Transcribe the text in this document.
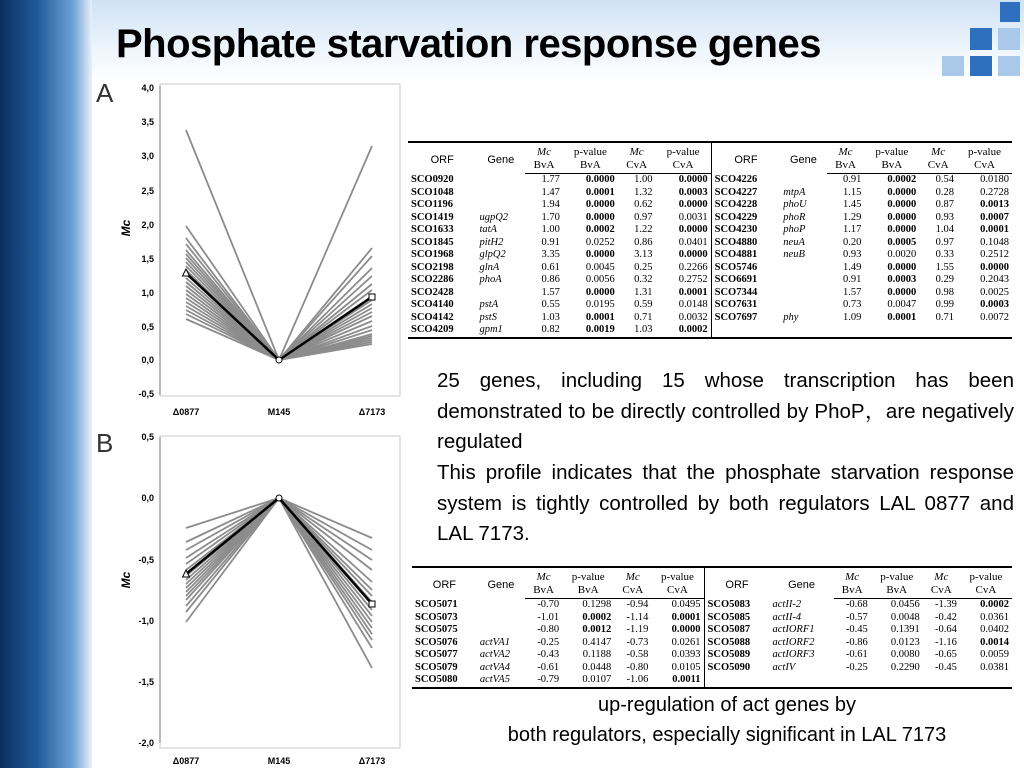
Phosphate starvation response genes
A
B
4,0
3,5
3,0
2,5
2,0
1,5
1,0
0,5
0,0
-0,5
Mc
Δ0877	M145	Δ7173
0,5
0,0
-0,5
-1,0
-1,5
-2,0
Mc
Δ0877	M145	Δ7173
ORF	Gene	Mc	p-value	Mc	p-value	ORF	Gene	Mc	p-value	Mc	p-value
		BvA	BvA	CvA	CvA			BvA	BvA	CvA	CvA
SCO0920		1.77	0.0000	1.00	0.0000	SCO4226		0.91	0.0002	0.54	0.0180
SCO1048		1.47	0.0001	1.32	0.0003	SCO4227	mtpA	1.15	0.0000	0.28	0.2728
SCO1196		1.94	0.0000	0.62	0.0000	SCO4228	phoU	1.45	0.0000	0.87	0.0013
SCO1419	ugpQ2	1.70	0.0000	0.97	0.0031	SCO4229	phoR	1.29	0.0000	0.93	0.0007
SCO1633	tatA	1.00	0.0002	1.22	0.0000	SCO4230	phoP	1.17	0.0000	1.04	0.0001
SCO1845	pitH2	0.91	0.0252	0.86	0.0401	SCO4880	neuA	0.20	0.0005	0.97	0.1048
SCO1968	glpQ2	3.35	0.0000	3.13	0.0000	SCO4881	neuB	0.93	0.0020	0.33	0.2512
SCO2198	glnA	0.61	0.0045	0.25	0.2266	SCO5746		1.49	0.0000	1.55	0.0000
SCO2286	phoA	0.86	0.0056	0.32	0.2752	SCO6691		0.91	0.0003	0.29	0.2043
SCO2428		1.57	0.0000	1.31	0.0001	SCO7344		1.57	0.0000	0.98	0.0025
SCO4140	pstA	0.55	0.0195	0.59	0.0148	SCO7631		0.73	0.0047	0.99	0.0003
SCO4142	pstS	1.03	0.0001	0.71	0.0032	SCO7697	phy	1.09	0.0001	0.71	0.0072
SCO4209	gpm1	0.82	0.0019	1.03	0.0002						
25 genes, including 15 whose transcription has been demonstrated to be directly controlled by PhoP，are negatively regulated
This profile indicates that the phosphate starvation response system is tightly controlled by both regulators LAL 0877 and LAL 7173.
ORF	Gene	Mc	p-value	Mc	p-value	ORF	Gene	Mc	p-value	Mc	p-value
		BvA	BvA	CvA	CvA			BvA	BvA	CvA	CvA
SCO5071		-0.70	0.1298	-0.94	0.0495	SCO5083	actII-2	-0.68	0.0456	-1.39	0.0002
SCO5073		-1.01	0.0002	-1.14	0.0001	SCO5085	actII-4	-0.57	0.0048	-0.42	0.0361
SCO5075		-0.80	0.0012	-1.19	0.0000	SCO5087	actIORF1	-0.45	0.1391	-0.64	0.0402
SCO5076	actVA1	-0.25	0.4147	-0.73	0.0261	SCO5088	actIORF2	-0.86	0.0123	-1.16	0.0014
SCO5077	actVA2	-0.43	0.1188	-0.58	0.0393	SCO5089	actIORF3	-0.61	0.0080	-0.65	0.0059
SCO5079	actVA4	-0.61	0.0448	-0.80	0.0105	SCO5090	actIV	-0.25	0.2290	-0.45	0.0381
SCO5080	actVA5	-0.79	0.0107	-1.06	0.0011						
up-regulation of act genes by
both regulators, especially significant in LAL 7173
